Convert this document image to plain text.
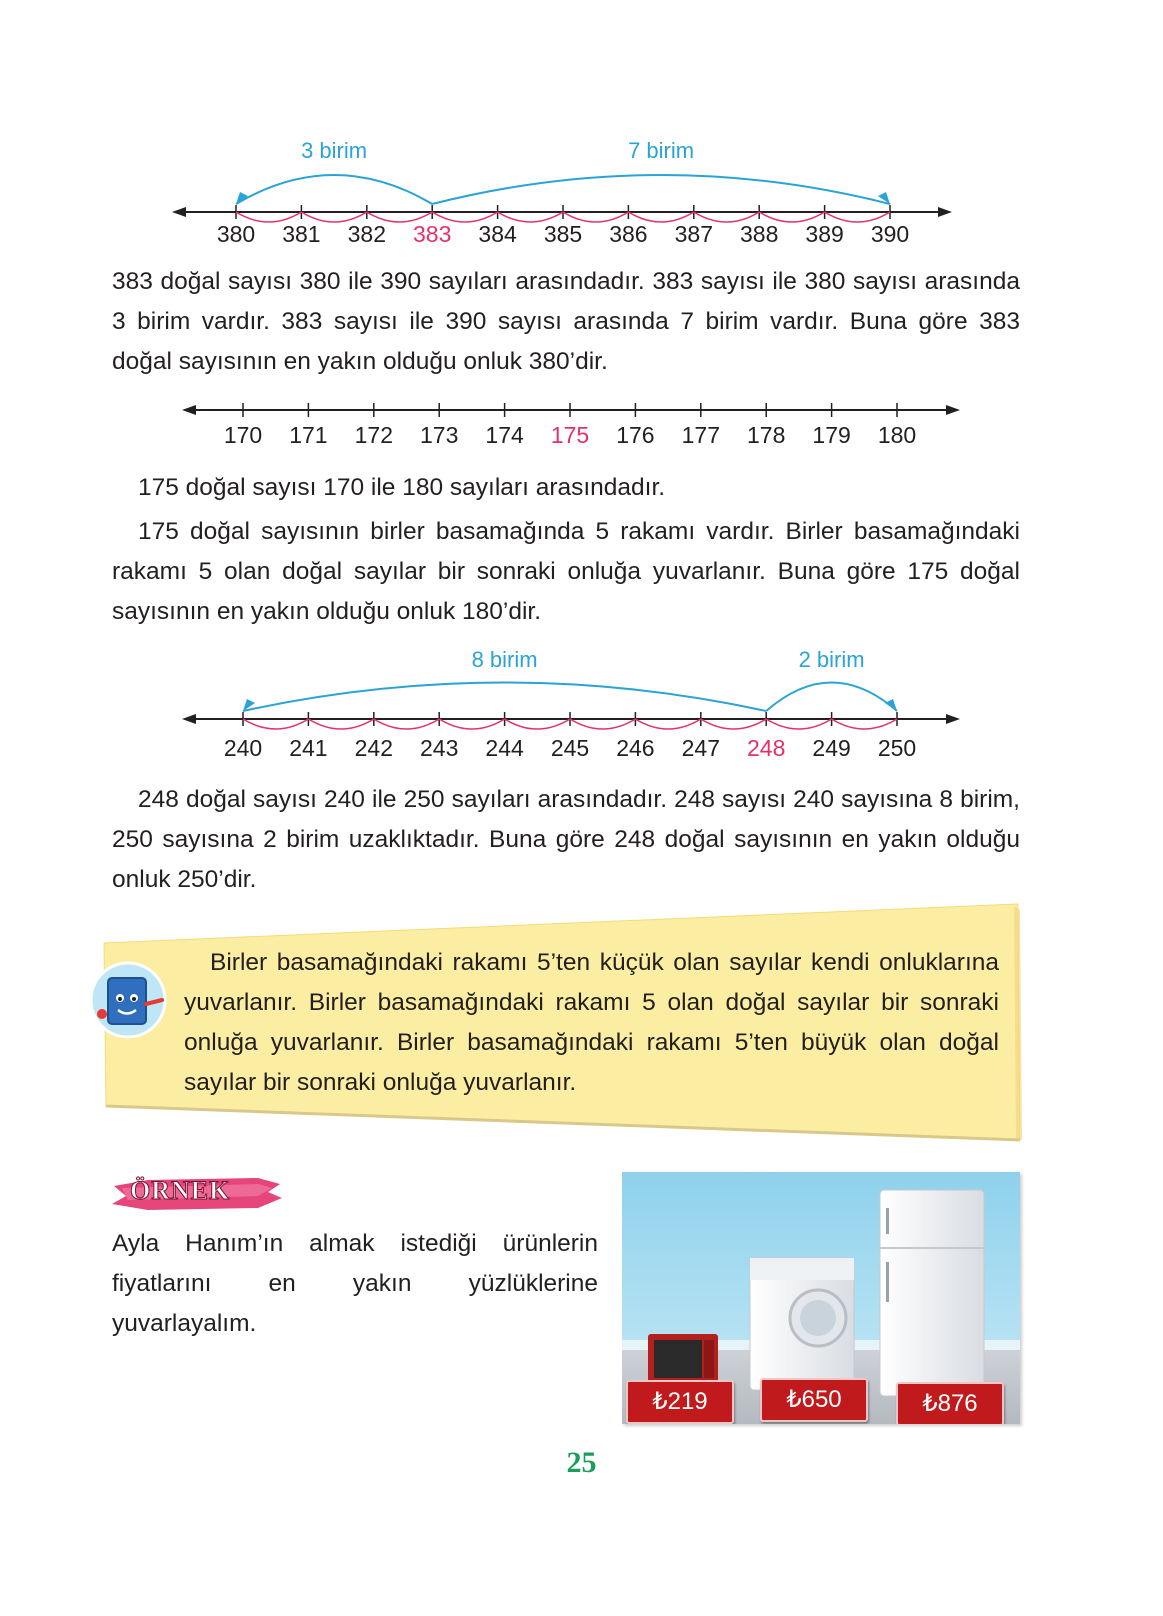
380 381 382 383 384 385 386 387 388 389 390
3 birim	7 birim

383 doğal sayısı 380 ile 390 sayıları arasındadır. 383 sayısı ile 380 sayısı arasında 3 birim vardır. 383 sayısı ile 390 sayısı arasında 7 birim vardır. Buna göre 383 doğal sayısının en yakın olduğu onluk 380’dir.

170 171 172 173 174 175 176 177 178 179 180

175 doğal sayısı 170 ile 180 sayıları arasındadır.

175 doğal sayısının birler basamağında 5 rakamı vardır. Birler basamağındaki rakamı 5 olan doğal sayılar bir sonraki onluğa yuvarlanır. Buna göre 175 doğal sayısının en yakın olduğu onluk 180’dir.

240 241 242 243 244 245 246 247 248 249 250
8 birim	2 birim

248 doğal sayısı 240 ile 250 sayıları arasındadır. 248 sayısı 240 sayısına 8 birim, 250 sayısına 2 birim uzaklıktadır. Buna göre 248 doğal sayısının en yakın olduğu onluk 250’dir.

Birler basamağındaki rakamı 5’ten küçük olan sayılar kendi onluklarına yuvarlanır. Birler basamağındaki rakamı 5 olan doğal sayılar bir sonraki onluğa yuvarlanır. Birler basamağındaki rakamı 5’ten büyük olan doğal sayılar bir sonraki onluğa yuvarlanır.

ÖRNEK

Ayla Hanım’ın almak istediği ürünlerin fiyatlarını en yakın yüzlüklerine yuvarlayalım.

₺219	₺650	₺876
25
